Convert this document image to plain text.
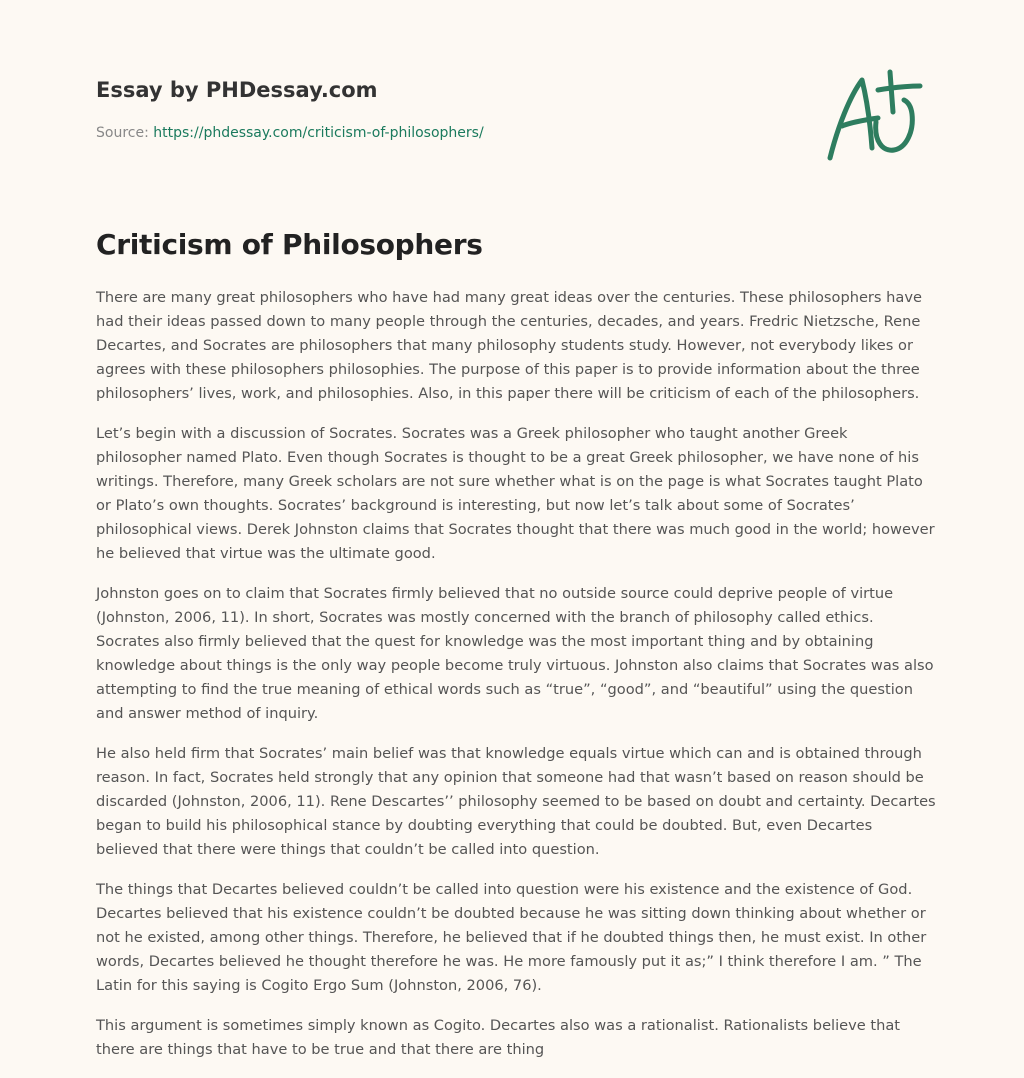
Essay by PHDessay.com
Source: https://phdessay.com/criticism-of-philosophers/
Criticism of Philosophers

There are many great philosophers who have had many great ideas over the centuries. These philosophers have had their ideas passed down to many people through the centuries, decades, and years. Fredric Nietzsche, Rene Decartes, and Socrates are philosophers that many philosophy students study. However, not everybody likes or agrees with these philosophers philosophies. The purpose of this paper is to provide information about the three philosophers’ lives, work, and philosophies. Also, in this paper there will be criticism of each of the philosophers.

Let’s begin with a discussion of Socrates. Socrates was a Greek philosopher who taught another Greek philosopher named Plato. Even though Socrates is thought to be a great Greek philosopher, we have none of his writings. Therefore, many Greek scholars are not sure whether what is on the page is what Socrates taught Plato or Plato’s own thoughts. Socrates’ background is interesting, but now let’s talk about some of Socrates’ philosophical views. Derek Johnston claims that Socrates thought that there was much good in the world; however he believed that virtue was the ultimate good.

Johnston goes on to claim that Socrates firmly believed that no outside source could deprive people of virtue (Johnston, 2006, 11). In short, Socrates was mostly concerned with the branch of philosophy called ethics. Socrates also firmly believed that the quest for knowledge was the most important thing and by obtaining knowledge about things is the only way people become truly virtuous. Johnston also claims that Socrates was also attempting to find the true meaning of ethical words such as “true”, “good”, and “beautiful” using the question and answer method of inquiry.

He also held firm that Socrates’ main belief was that knowledge equals virtue which can and is obtained through reason. In fact, Socrates held strongly that any opinion that someone had that wasn’t based on reason should be discarded (Johnston, 2006, 11). Rene Descartes’’ philosophy seemed to be based on doubt and certainty. Decartes began to build his philosophical stance by doubting everything that could be doubted. But, even Decartes believed that there were things that couldn’t be called into question.

The things that Decartes believed couldn’t be called into question were his existence and the existence of God. Decartes believed that his existence couldn’t be doubted because he was sitting down thinking about whether or not he existed, among other things. Therefore, he believed that if he doubted things then, he must exist. In other words, Decartes believed he thought therefore he was. He more famously put it as;” I think therefore I am. ” The Latin for this saying is Cogito Ergo Sum (Johnston, 2006, 76).

This argument is sometimes simply known as Cogito. Decartes also was a rationalist. Rationalists believe that there are things that have to be true and that there are thing
